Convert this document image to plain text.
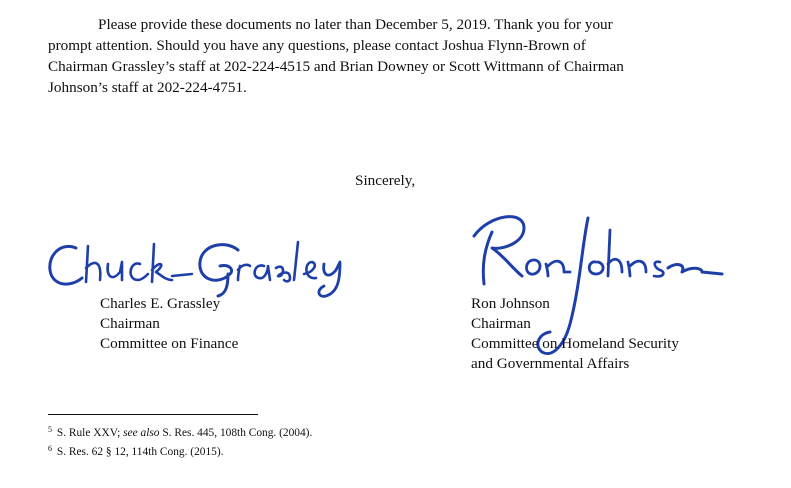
Please provide these documents no later than December 5, 2019. Thank you for your
prompt attention. Should you have any questions, please contact Joshua Flynn-Brown of
Chairman Grassley’s staff at 202-224-4515 and Brian Downey or Scott Wittmann of Chairman
Johnson’s staff at 202-224-4751.

Sincerely,
Charles E. Grassley
Chairman
Committee on Finance
Ron Johnson
Chairman
Committee on Homeland Security
and Governmental Affairs
$^5$ S. Rule XXV; see also S. Res. 445, 108th Cong. (2004).
$^6$ S. Res. 62 § 12, 114th Cong. (2015).
